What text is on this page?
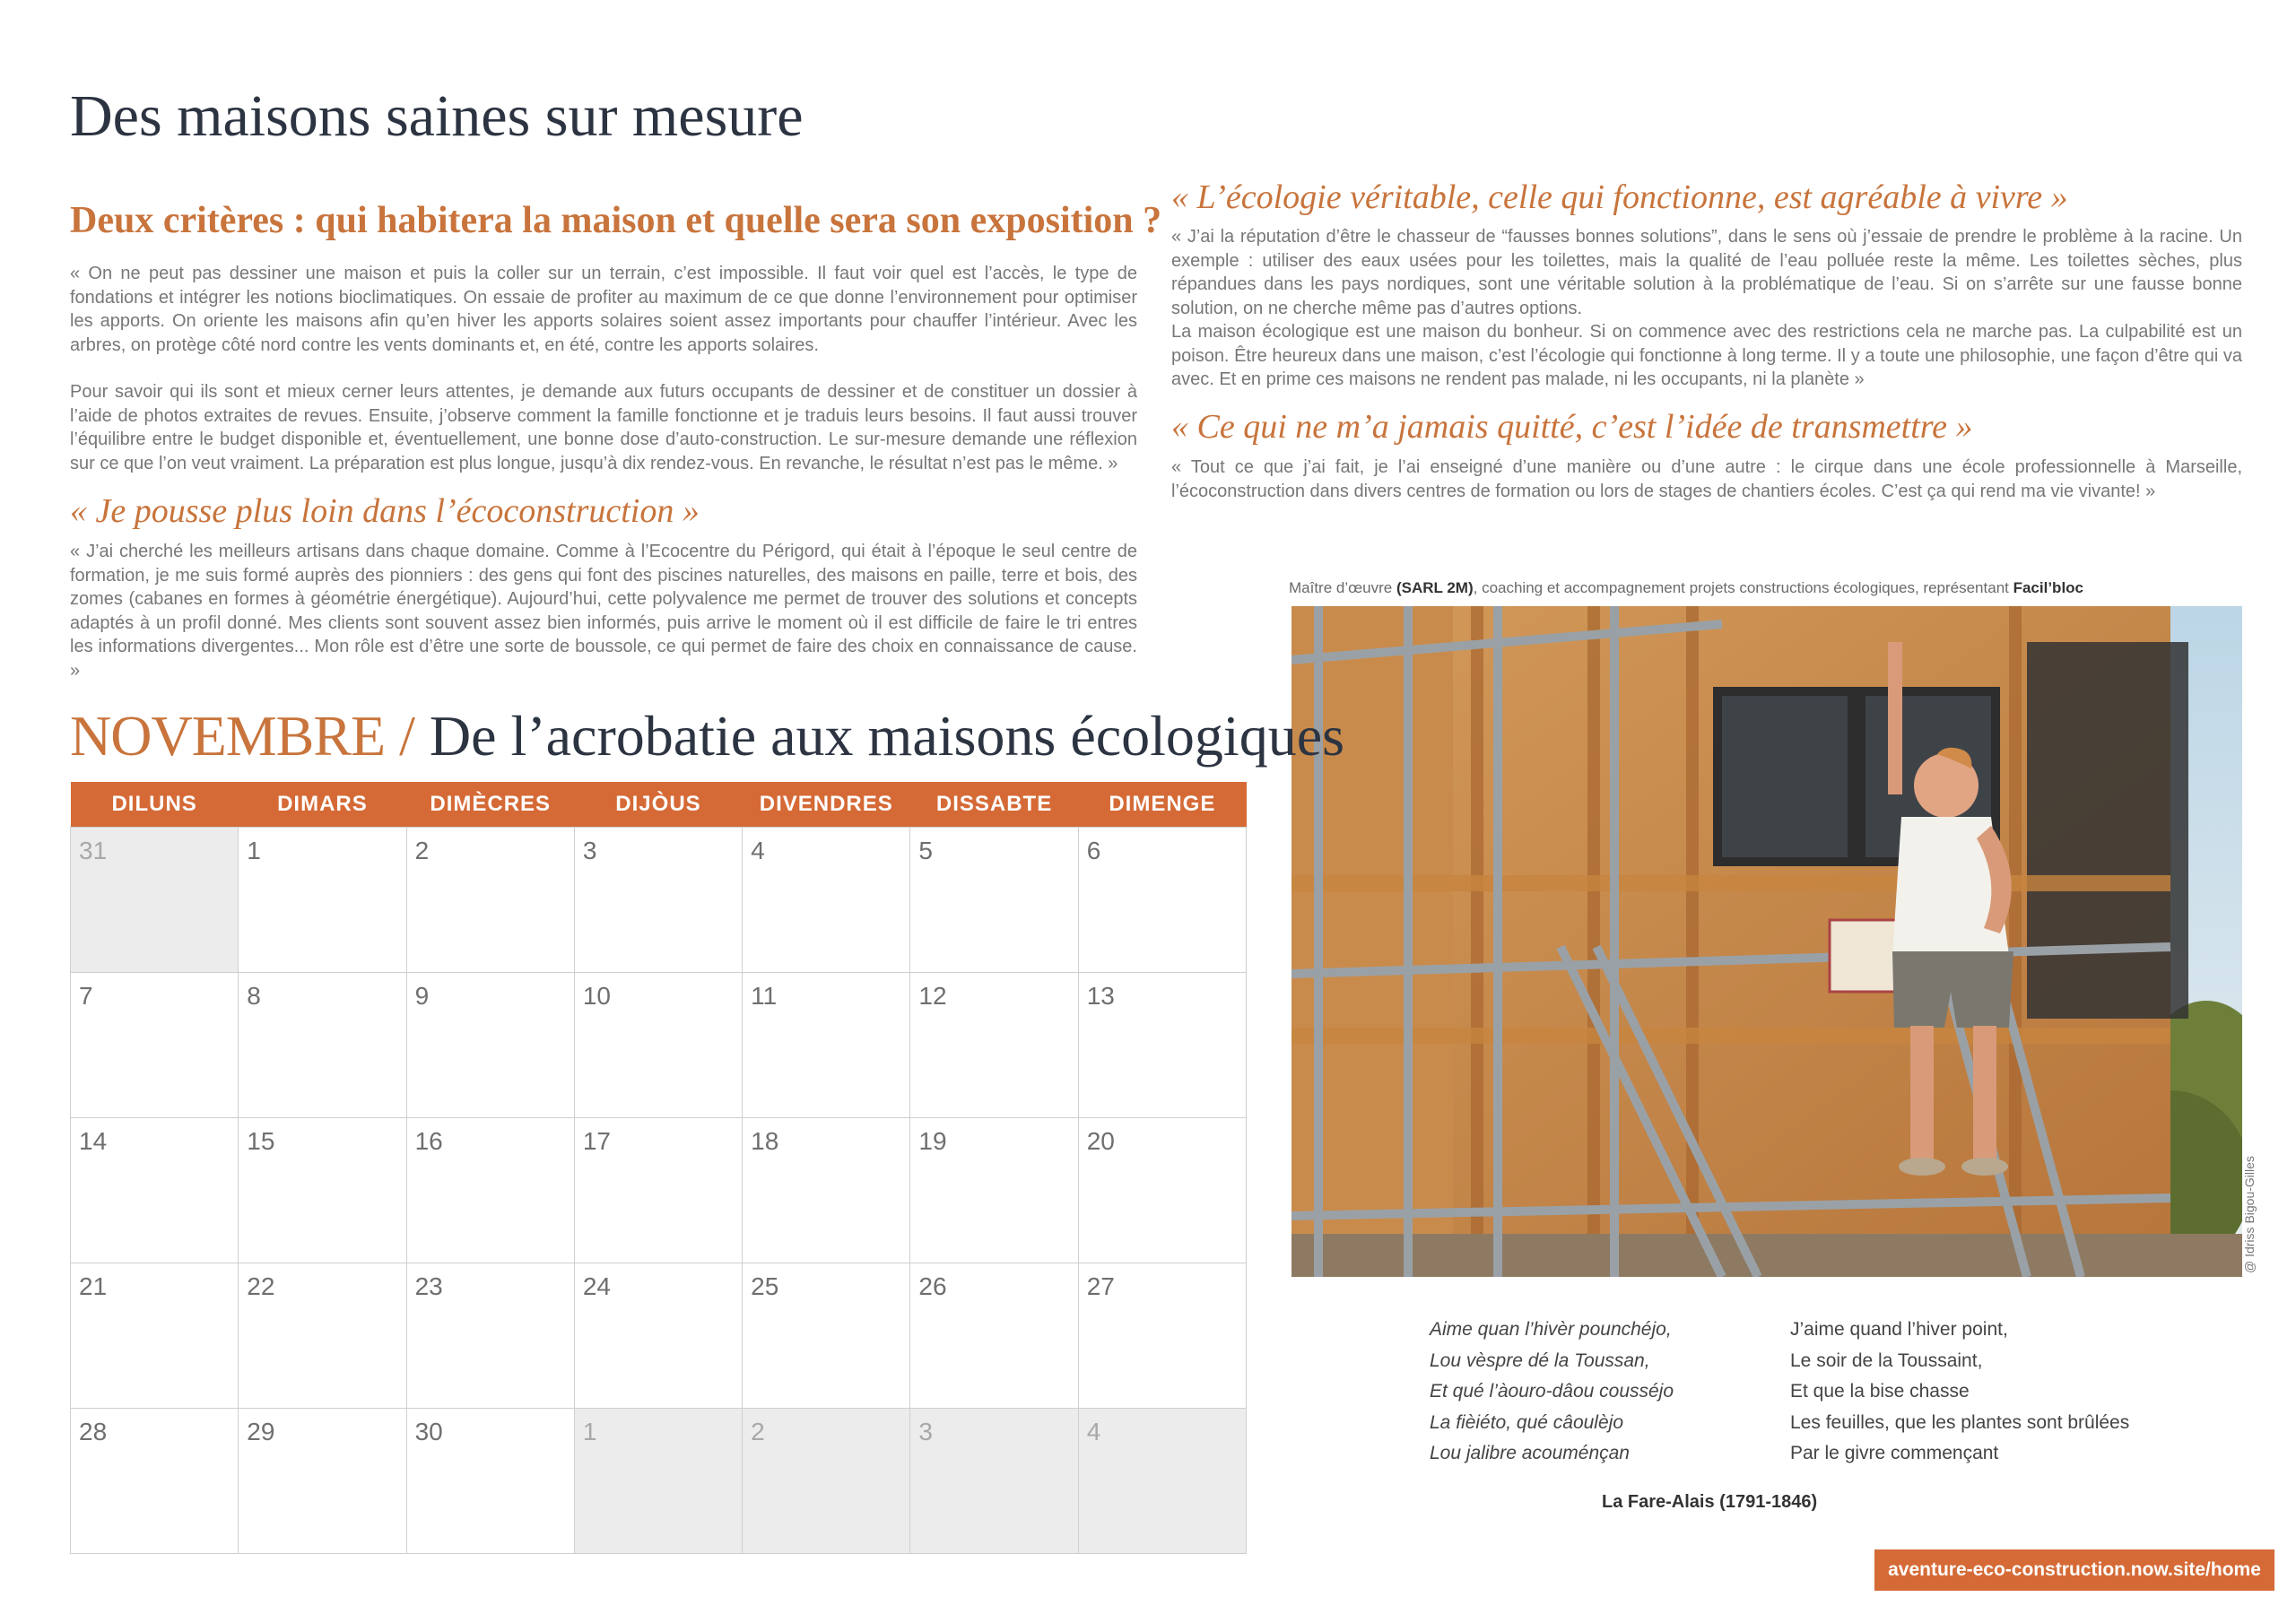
Des maisons saines sur mesure
Deux critères : qui habitera la maison et quelle sera son exposition ?

« On ne peut pas dessiner une maison et puis la coller sur un terrain, c’est impossible. Il faut voir quel est l’accès, le type de fondations et intégrer les notions bioclimatiques. On essaie de profiter au maximum de ce que donne l’environnement pour optimiser les apports. On oriente les maisons afin qu’en hiver les apports solaires soient assez importants pour chauffer l’intérieur. Avec les arbres, on protège côté nord contre les vents dominants et, en été, contre les apports solaires.

Pour savoir qui ils sont et mieux cerner leurs attentes, je demande aux futurs occupants de dessiner et de constituer un dossier à l’aide de photos extraites de revues. Ensuite, j’observe comment la famille fonctionne et je traduis leurs besoins. Il faut aussi trouver l’équilibre entre le budget disponible et, éventuellement, une bonne dose d’auto-construction. Le sur-mesure demande une réflexion sur ce que l’on veut vraiment. La préparation est plus longue, jusqu’à dix rendez-vous. En revanche, le résultat n’est pas le même. »

« Je pousse plus loin dans l’écoconstruction »

« J’ai cherché les meilleurs artisans dans chaque domaine. Comme à l’Ecocentre du Périgord, qui était à l’époque le seul centre de formation, je me suis formé auprès des pionniers : des gens qui font des piscines naturelles, des maisons en paille, terre et bois, des zomes (cabanes en formes à géométrie énergétique). Aujourd’hui, cette polyvalence me permet de trouver des solutions et concepts adaptés à un profil donné. Mes clients sont souvent assez bien informés, puis arrive le moment où il est difficile de faire le tri entres les informations divergentes... Mon rôle est d’être une sorte de boussole, ce qui permet de faire des choix en connaissance de cause. »

« L’écologie véritable, celle qui fonctionne, est agréable à vivre »

« J’ai la réputation d’être le chasseur de “fausses bonnes solutions”, dans le sens où j’essaie de prendre le problème à la racine. Un exemple : utiliser des eaux usées pour les toilettes, mais la qualité de l’eau polluée reste la même. Les toilettes sèches, plus répandues dans les pays nordiques, sont une véritable solution à la problématique de l’eau. Si on s’arrête sur une fausse bonne solution, on ne cherche même pas d’autres options.

La maison écologique est une maison du bonheur. Si on commence avec des restrictions cela ne marche pas. La culpabilité est un poison. Être heureux dans une maison, c’est l’écologie qui fonctionne à long terme. Il y a toute une philosophie, une façon d’être qui va avec. Et en prime ces maisons ne rendent pas malade, ni les occupants, ni la planète »

« Ce qui ne m’a jamais quitté, c’est l’idée de transmettre »

« Tout ce que j’ai fait, je l’ai enseigné d’une manière ou d’une autre : le cirque dans une école professionnelle à Marseille, l’écoconstruction dans divers centres de formation ou lors de stages de chantiers écoles. C’est ça qui rend ma vie vivante! »

Maître d’œuvre (SARL 2M), coaching et accompagnement projets constructions écologiques, représentant Facil’bloc
@ Idriss Bigou-Gilles
NOVEMBRE / De l’acrobatie aux maisons écologiques
DILUNS	DIMARS	DIMÈCRES	DIJÒUS	DIVENDRES	DISSABTE	DIMENGE
31	1	2	3	4	5	6
7	8	9	10	11	12	13
14	15	16	17	18	19	20
21	22	23	24	25	26	27
28	29	30	1	2	3	4
Aime quan l’hivèr pounchéjo,
Lou vèspre dé la Toussan,
Et qué l’àouro-dâou cousséjo
La fièiéto, qué câoulèjo
Lou jalibre acouménçan
J’aime quand l’hiver point,
Le soir de la Toussaint,
Et que la bise chasse
Les feuilles, que les plantes sont brûlées
Par le givre commençant
La Fare-Alais (1791-1846)
aventure-eco-construction.now.site/home
